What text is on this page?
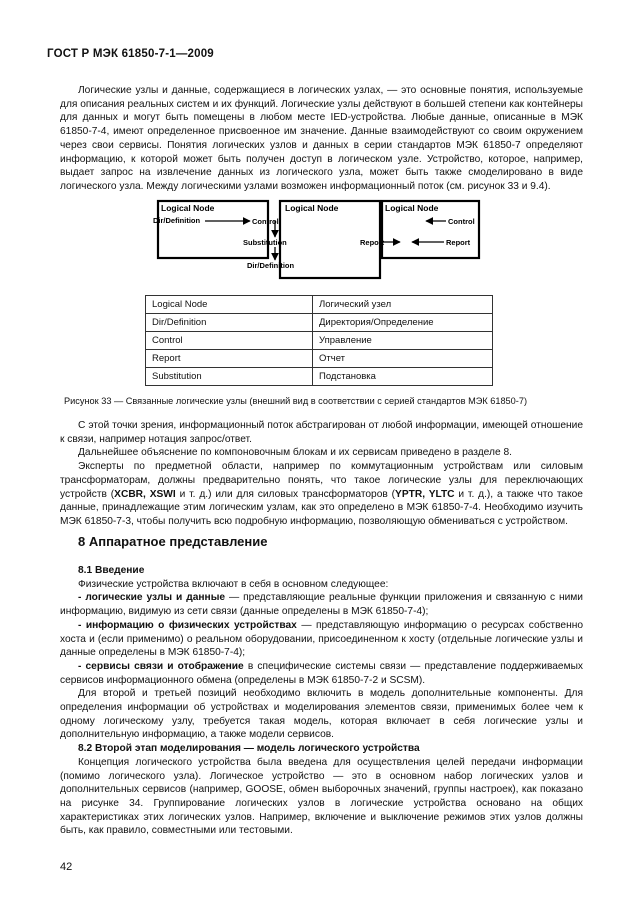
ГОСТ Р МЭК 61850-7-1—2009

Логические узлы и данные, содержащиеся в логических узлах, — это основные понятия, используемые для описания реальных систем и их функций. Логические узлы действуют в большей степени как контейнеры для данных и могут быть помещены в любом месте IED-устройства. Любые данные, описанные в МЭК 61850-7-4, имеют определенное присвоенное им значение. Данные взаимодействуют со своим окружением через свои сервисы. Понятия логических узлов и данных в серии стандартов МЭК 61850-7 определяют информацию, к которой может быть получен доступ в логическом узле. Устройство, которое, например, выдает запрос на извлечение данных из логического узла, может быть также смоделировано в виде логического узла. Между логическими узлами возможен информационный поток (см. рисунок 33 и 9.4).

Logical Node	Logical Node	Logical Node
Dir/Definition	Control
Substitution
Dir/Definition
Report
Control
Report
Logical Node	Логический узел
Dir/Definition	Директория/Определение
Control	Управление
Report	Отчет
Substitution	Подстановка
Рисунок 33 — Связанные логические узлы (внешний вид в соответствии с серией стандартов МЭК 61850-7)

С этой точки зрения, информационный поток абстрагирован от любой информации, имеющей отношение к связи, например нотация запрос/ответ.

Дальнейшее объяснение по компоновочным блокам и их сервисам приведено в разделе 8.

Эксперты по предметной области, например по коммутационным устройствам или силовым трансформаторам, должны предварительно понять, что такое логические узлы для переключающих устройств (XCBR, XSWI и т. д.) или для силовых трансформаторов (YPTR, YLTC и т. д.), а также что такое данные, принадлежащие этим логическим узлам, как это определено в МЭК 61850-7-4. Необходимо изучить МЭК 61850-7-3, чтобы получить всю подробную информацию, позволяющую обмениваться с устройством.

8 Аппаратное представление

8.1 Введение

Физические устройства включают в себя в основном следующее:

- логические узлы и данные — представляющие реальные функции приложения и связанную с ними информацию, видимую из сети связи (данные определены в МЭК 61850-7-4);

- информацию о физических устройствах — представляющую информацию о ресурсах собственно хоста и (если применимо) о реальном оборудовании, присоединенном к хосту (отдельные логические узлы и данные определены в МЭК 61850-7-4);

- сервисы связи и отображение в специфические системы связи — представление поддерживаемых сервисов информационного обмена (определены в МЭК 61850-7-2 и SCSM).

Для второй и третьей позиций необходимо включить в модель дополнительные компоненты. Для определения информации об устройствах и моделирования элементов связи, применимых более чем к одному логическому узлу, требуется такая модель, которая включает в себя логические узлы и дополнительную информацию, а также модели сервисов.

8.2 Второй этап моделирования — модель логического устройства

Концепция логического устройства была введена для осуществления целей передачи информации (помимо логического узла). Логическое устройство — это в основном набор логических узлов и дополнительных сервисов (например, GOOSE, обмен выборочных значений, группы настроек), как показано на рисунке 34. Группирование логических узлов в логические устройства основано на общих характеристиках этих логических узлов. Например, включение и выключение режимов этих узлов должны быть, как правило, совместными или тестовыми.

42
